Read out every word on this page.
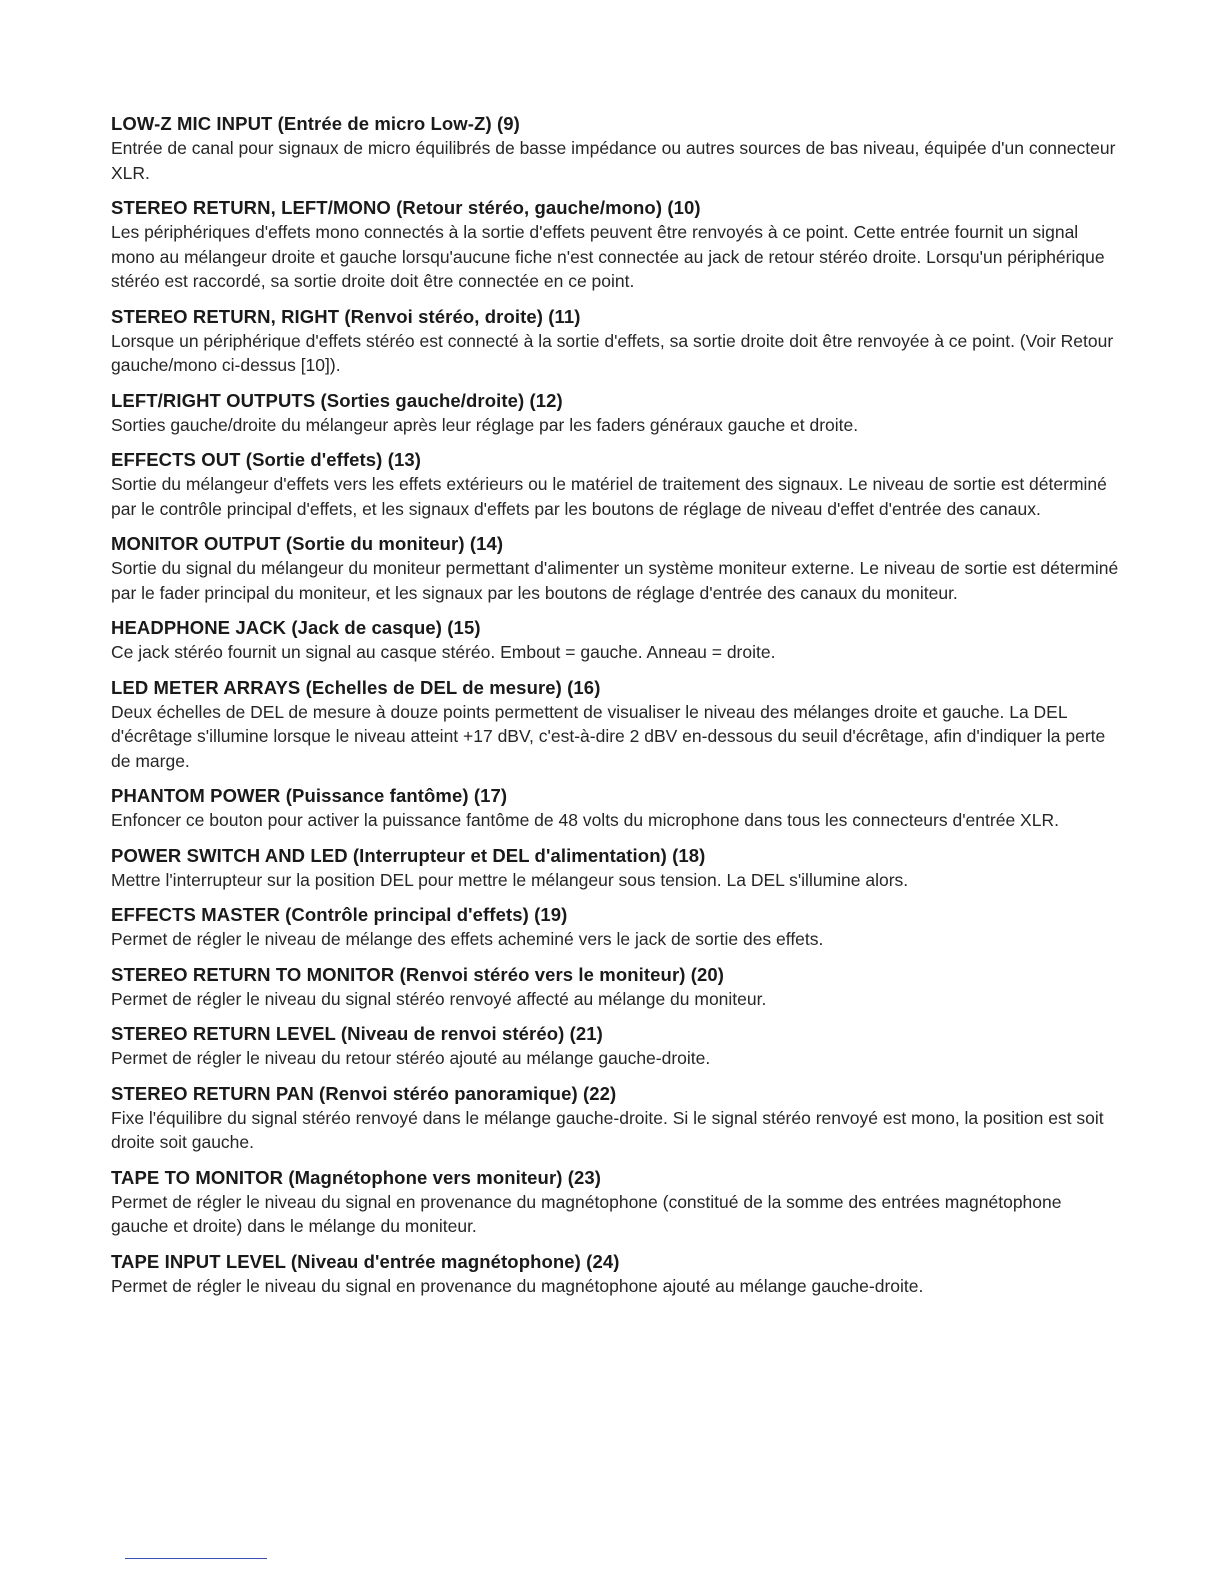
LOW-Z MIC INPUT (Entrée de micro Low-Z) (9)

Entrée de canal pour signaux de micro équilibrés de basse impédance ou autres sources de bas niveau, équipée d'un connecteur XLR.

STEREO RETURN, LEFT/MONO (Retour stéréo, gauche/mono) (10)

Les périphériques d'effets mono connectés à la sortie d'effets peuvent être renvoyés à ce point. Cette entrée fournit un signal mono au mélangeur droite et gauche lorsqu'aucune fiche n'est connectée au jack de retour stéréo droite. Lorsqu'un périphérique stéréo est raccordé, sa sortie droite doit être connectée en ce point.

STEREO RETURN, RIGHT (Renvoi stéréo, droite) (11)

Lorsque un périphérique d'effets stéréo est connecté à la sortie d'effets, sa sortie droite doit être renvoyée à ce point. (Voir Retour gauche/mono ci-dessus [10]).

LEFT/RIGHT OUTPUTS (Sorties gauche/droite) (12)

Sorties gauche/droite du mélangeur après leur réglage par les faders généraux gauche et droite.

EFFECTS OUT (Sortie d'effets) (13)

Sortie du mélangeur d'effets vers les effets extérieurs ou le matériel de traitement des signaux. Le niveau de sortie est déterminé par le contrôle principal d'effets, et les signaux d'effets par les boutons de réglage de niveau d'effet d'entrée des canaux.

MONITOR OUTPUT (Sortie du moniteur) (14)

Sortie du signal du mélangeur du moniteur permettant d'alimenter un système moniteur externe. Le niveau de sortie est déterminé par le fader principal du moniteur, et les signaux par les boutons de réglage d'entrée des canaux du moniteur.

HEADPHONE JACK (Jack de casque) (15)

Ce jack stéréo fournit un signal au casque stéréo. Embout = gauche. Anneau = droite.

LED METER ARRAYS (Echelles de DEL de mesure) (16)

Deux échelles de DEL de mesure à douze points permettent de visualiser le niveau des mélanges droite et gauche. La DEL d'écrêtage s'illumine lorsque le niveau atteint +17 dBV, c'est-à-dire 2 dBV en-dessous du seuil d'écrêtage, afin d'indiquer la perte de marge.

PHANTOM POWER (Puissance fantôme) (17)

Enfoncer ce bouton pour activer la puissance fantôme de 48 volts du microphone dans tous les connecteurs d'entrée XLR.

POWER SWITCH AND LED (Interrupteur et DEL d'alimentation) (18)

Mettre l'interrupteur sur la position DEL pour mettre le mélangeur sous tension. La DEL s'illumine alors.

EFFECTS MASTER (Contrôle principal d'effets) (19)

Permet de régler le niveau de mélange des effets acheminé vers le jack de sortie des effets.

STEREO RETURN TO MONITOR (Renvoi stéréo vers le moniteur) (20)

Permet de régler le niveau du signal stéréo renvoyé affecté au mélange du moniteur.

STEREO RETURN LEVEL (Niveau de renvoi stéréo) (21)

Permet de régler le niveau du retour stéréo ajouté au mélange gauche-droite.

STEREO RETURN PAN (Renvoi stéréo panoramique) (22)

Fixe l'équilibre du signal stéréo renvoyé dans le mélange gauche-droite. Si le signal stéréo renvoyé est mono, la position est soit droite soit gauche.

TAPE TO MONITOR (Magnétophone vers moniteur) (23)

Permet de régler le niveau du signal en provenance du magnétophone (constitué de la somme des entrées magnétophone gauche et droite) dans le mélange du moniteur.

TAPE INPUT LEVEL (Niveau d'entrée magnétophone) (24)

Permet de régler le niveau du signal en provenance du magnétophone ajouté au mélange gauche-droite.
